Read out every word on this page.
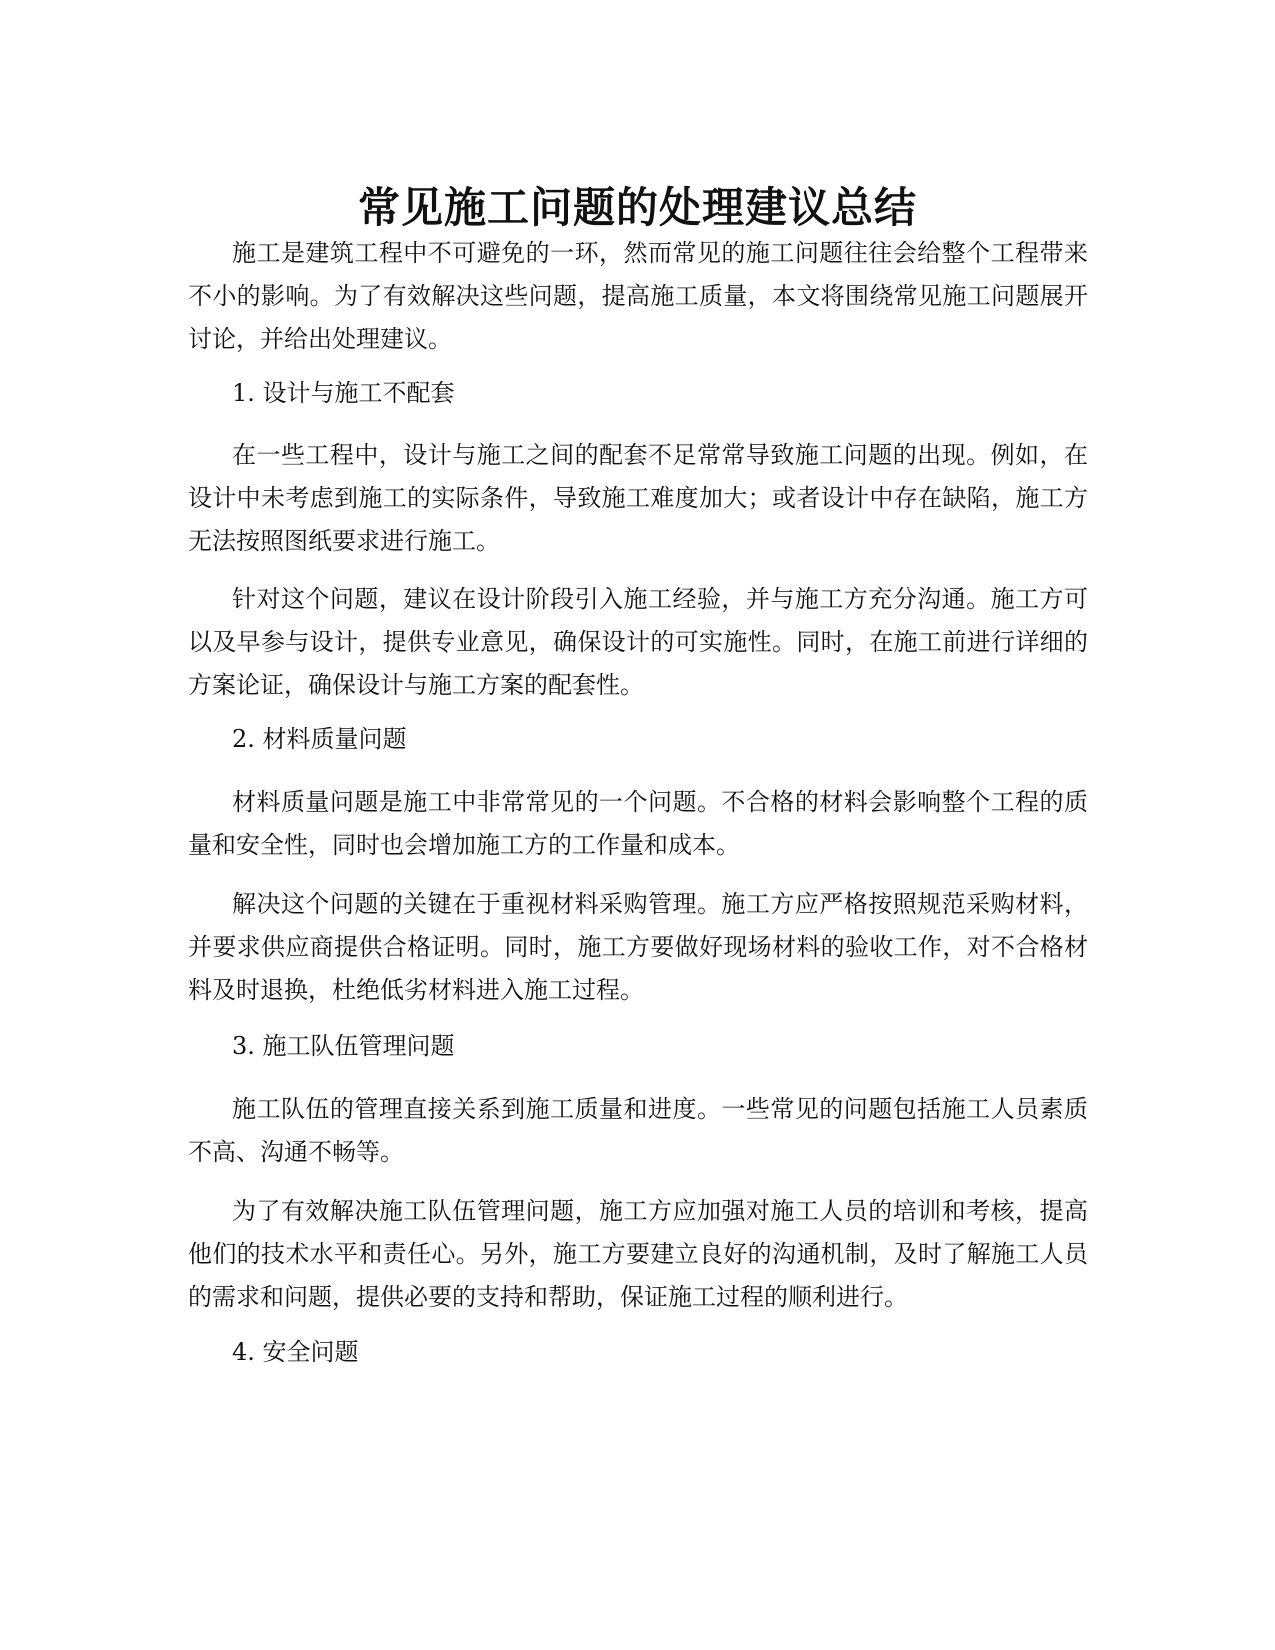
常见施工问题的处理建议总结

施工是建筑工程中不可避免的一环，然而常见的施工问题往往会给整个工程带来不小的影响。为了有效解决这些问题，提高施工质量，本文将围绕常见施工问题展开讨论，并给出处理建议。

1. 设计与施工不配套

在一些工程中，设计与施工之间的配套不足常常导致施工问题的出现。例如，在设计中未考虑到施工的实际条件，导致施工难度加大；或者设计中存在缺陷，施工方无法按照图纸要求进行施工。

针对这个问题，建议在设计阶段引入施工经验，并与施工方充分沟通。施工方可以及早参与设计，提供专业意见，确保设计的可实施性。同时，在施工前进行详细的方案论证，确保设计与施工方案的配套性。

2. 材料质量问题

材料质量问题是施工中非常常见的一个问题。不合格的材料会影响整个工程的质量和安全性，同时也会增加施工方的工作量和成本。

解决这个问题的关键在于重视材料采购管理。施工方应严格按照规范采购材料，并要求供应商提供合格证明。同时，施工方要做好现场材料的验收工作，对不合格材料及时退换，杜绝低劣材料进入施工过程。

3. 施工队伍管理问题

施工队伍的管理直接关系到施工质量和进度。一些常见的问题包括施工人员素质不高、沟通不畅等。

为了有效解决施工队伍管理问题，施工方应加强对施工人员的培训和考核，提高他们的技术水平和责任心。另外，施工方要建立良好的沟通机制，及时了解施工人员的需求和问题，提供必要的支持和帮助，保证施工过程的顺利进行。

4. 安全问题
